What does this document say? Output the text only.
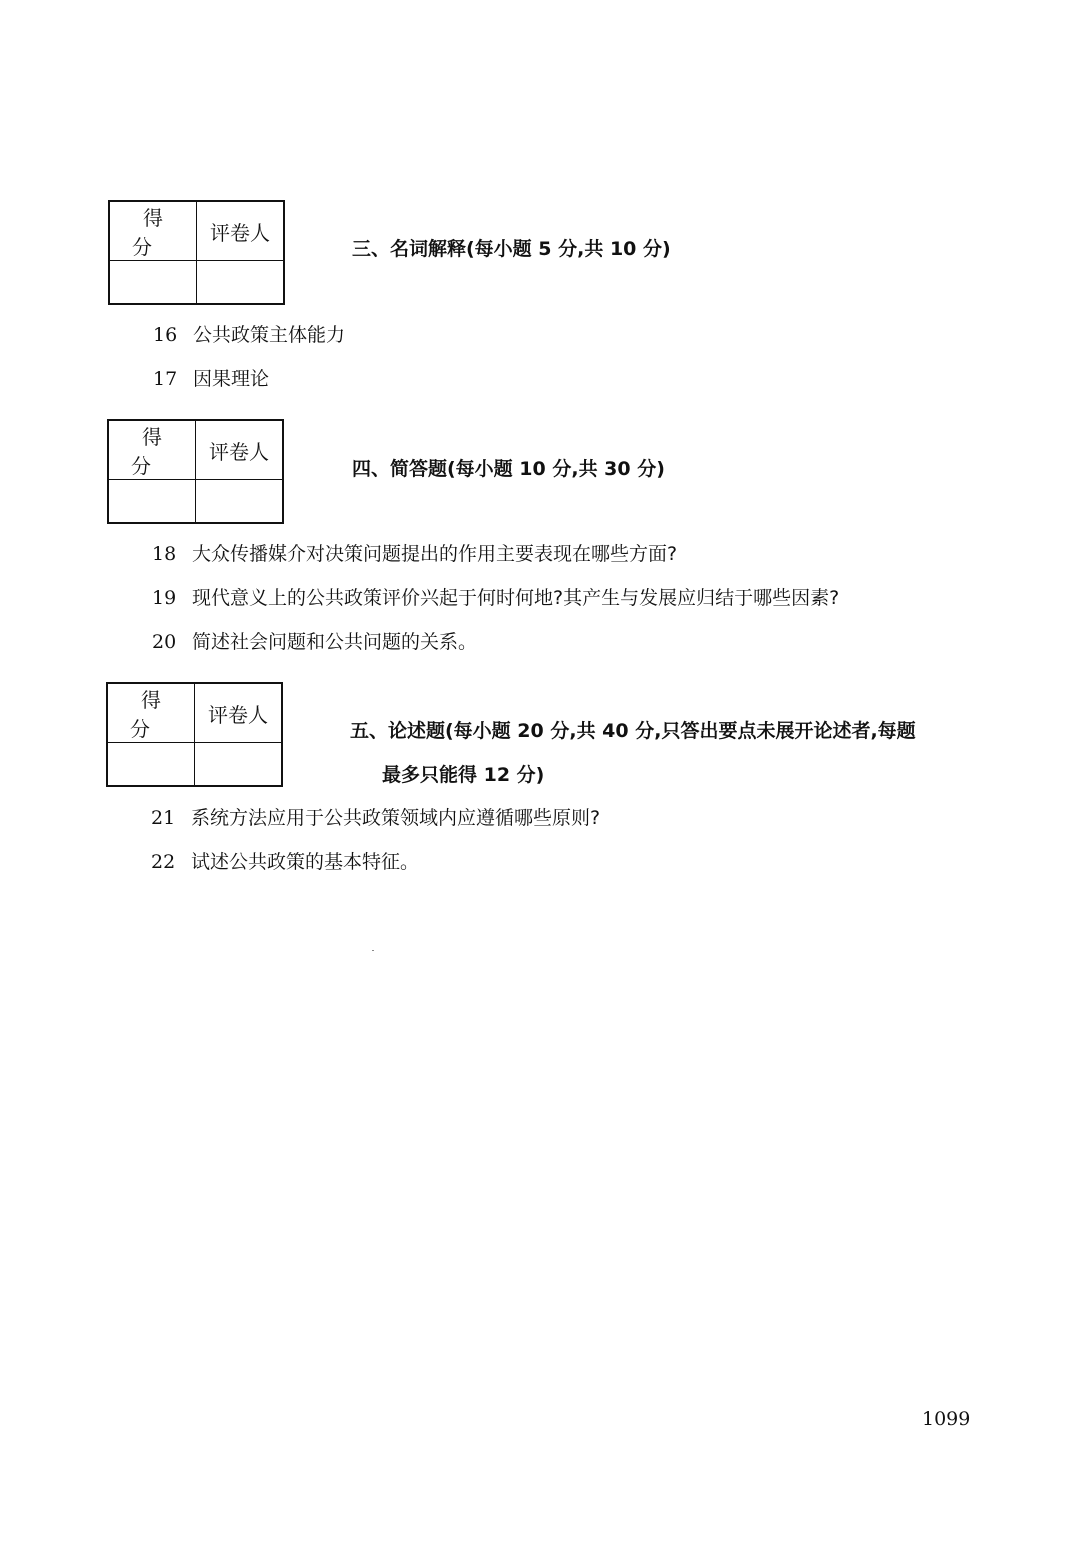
得分	评卷人

三、名词解释(每小题 5 分,共 10 分)
16 公共政策主体能力
17 因果理论
得分	评卷人

四、简答题(每小题 10 分,共 30 分)
18 大众传播媒介对决策问题提出的作用主要表现在哪些方面?
19 现代意义上的公共政策评价兴起于何时何地?其产生与发展应归结于哪些因素?
20 简述社会问题和公共问题的关系。
得分	评卷人

五、论述题(每小题 20 分,共 40 分,只答出要点未展开论述者,每题
最多只能得 12 分)
21 系统方法应用于公共政策领域内应遵循哪些原则?
22 试述公共政策的基本特征。
1099
